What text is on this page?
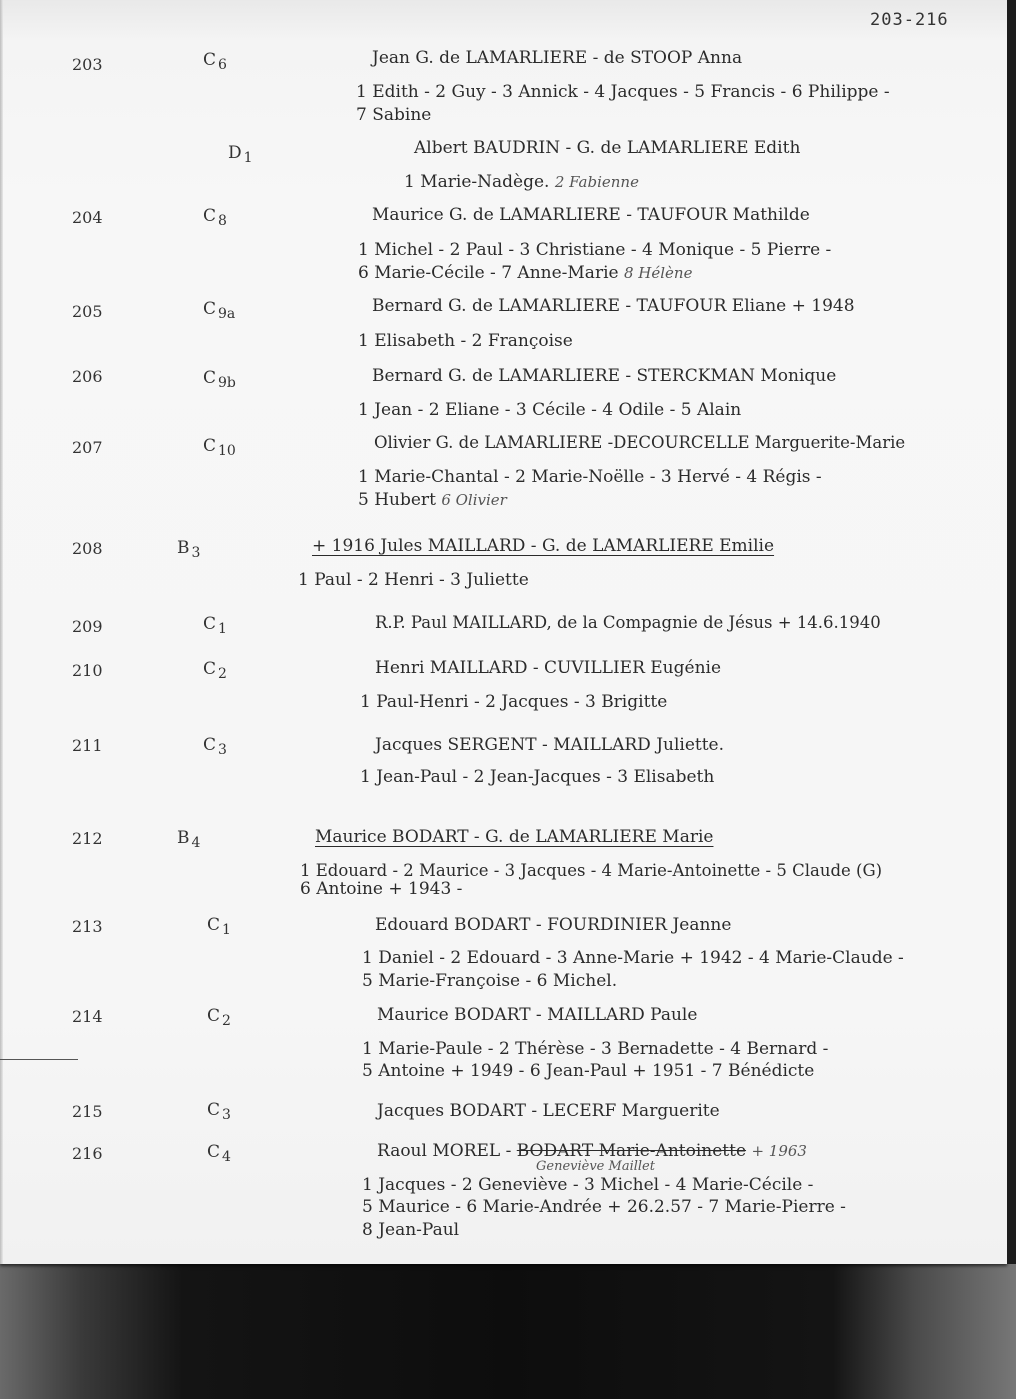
203-216
203	C $_6$	Jean G. de LAMARLIERE - de STOOP Anna
1 Edith - 2 Guy - 3 Annick - 4 Jacques - 5 Francis - 6 Philippe -
7 Sabine
D $_1$	Albert BAUDRIN - G. de LAMARLIERE Edith
1 Marie-Nadège. 2 Fabienne
204	C $_8$	Maurice G. de LAMARLIERE - TAUFOUR Mathilde
1 Michel - 2 Paul - 3 Christiane - 4 Monique - 5 Pierre -
6 Marie-Cécile - 7 Anne-Marie 8 Hélène
205	C $_{9a}$	Bernard G. de LAMARLIERE - TAUFOUR Eliane + 1948
1 Elisabeth - 2 Françoise
206	C $_{9b}$	Bernard G. de LAMARLIERE - STERCKMAN Monique
1 Jean - 2 Eliane - 3 Cécile - 4 Odile - 5 Alain
207	C $_{10}$	Olivier G. de LAMARLIERE -DECOURCELLE Marguerite-Marie
1 Marie-Chantal - 2 Marie-Noëlle - 3 Hervé - 4 Régis -
5 Hubert 6 Olivier
208	B $_3$	+ 1916 Jules MAILLARD - G. de LAMARLIERE Emilie
1 Paul - 2 Henri - 3 Juliette
209	C $_1$	R.P. Paul MAILLARD, de la Compagnie de Jésus + 14.6.1940
210	C $_2$	Henri MAILLARD - CUVILLIER Eugénie
1 Paul-Henri - 2 Jacques - 3 Brigitte
211	C $_3$	Jacques SERGENT - MAILLARD Juliette.
1 Jean-Paul - 2 Jean-Jacques - 3 Elisabeth
212	B $_4$	Maurice BODART - G. de LAMARLIERE Marie
1 Edouard - 2 Maurice - 3 Jacques - 4 Marie-Antoinette - 5 Claude (G)
6 Antoine + 1943 -
213	C $_1$	Edouard BODART - FOURDINIER Jeanne
1 Daniel - 2 Edouard - 3 Anne-Marie + 1942 - 4 Marie-Claude -
5 Marie-Françoise - 6 Michel.
214	C $_2$	Maurice BODART - MAILLARD Paule
1 Marie-Paule - 2 Thérèse - 3 Bernadette - 4 Bernard -
5 Antoine + 1949 - 6 Jean-Paul + 1951 - 7 Bénédicte
215	C $_3$	Jacques BODART - LECERF Marguerite
216	C $_4$	Raoul MOREL - BODART Marie-Antoinette + 1963
Geneviève Maillet
1 Jacques - 2 Geneviève - 3 Michel - 4 Marie-Cécile -
5 Maurice - 6 Marie-Andrée + 26.2.57 - 7 Marie-Pierre -
8 Jean-Paul
